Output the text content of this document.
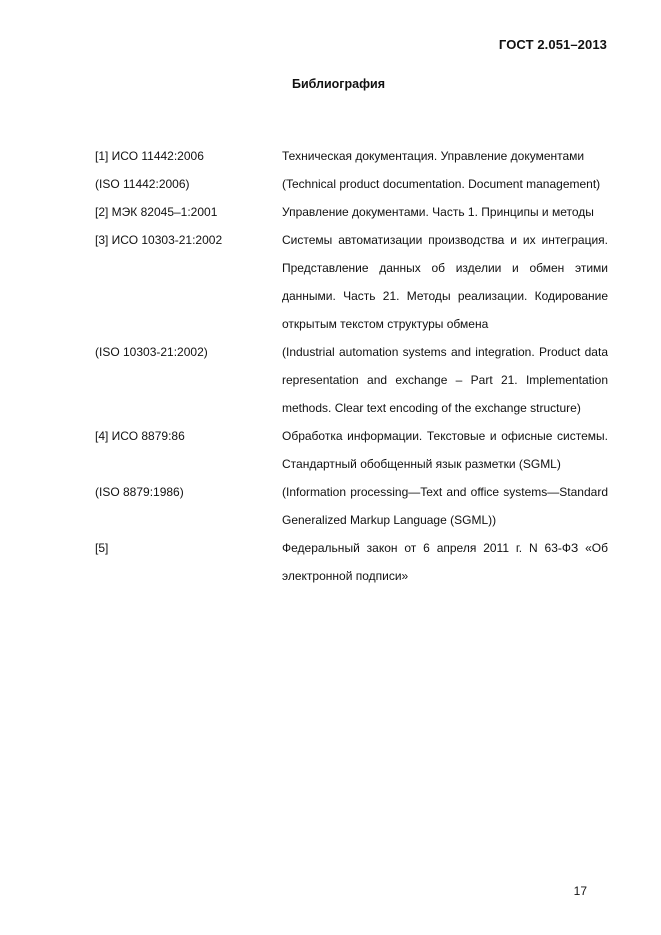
ГОСТ 2.051–2013
Библиография
[1] ИСО 11442:2006	Техническая документация. Управление документами
(ISO 11442:2006)	(Technical product documentation. Document management)
[2] МЭК 82045–1:2001	Управление документами. Часть 1. Принципы и методы
[3] ИСО 10303-21:2002	Системы автоматизации производства и их интеграция. Представление данных об изделии и обмен этими данными. Часть 21. Методы реализации. Кодирование открытым текстом структуры обмена
(ISO 10303-21:2002)	(Industrial automation systems and integration. Product data representation and exchange – Part 21. Implementation methods. Clear text encoding of the exchange structure)
[4] ИСО 8879:86	Обработка информации. Текстовые и офисные системы. Стандартный обобщенный язык разметки (SGML)
(ISO 8879:1986)	(Information processing—Text and office systems—Standard Generalized Markup Language (SGML))
[5]	Федеральный закон от 6 апреля 2011 г. N 63-ФЗ «Об электронной подписи»
17
